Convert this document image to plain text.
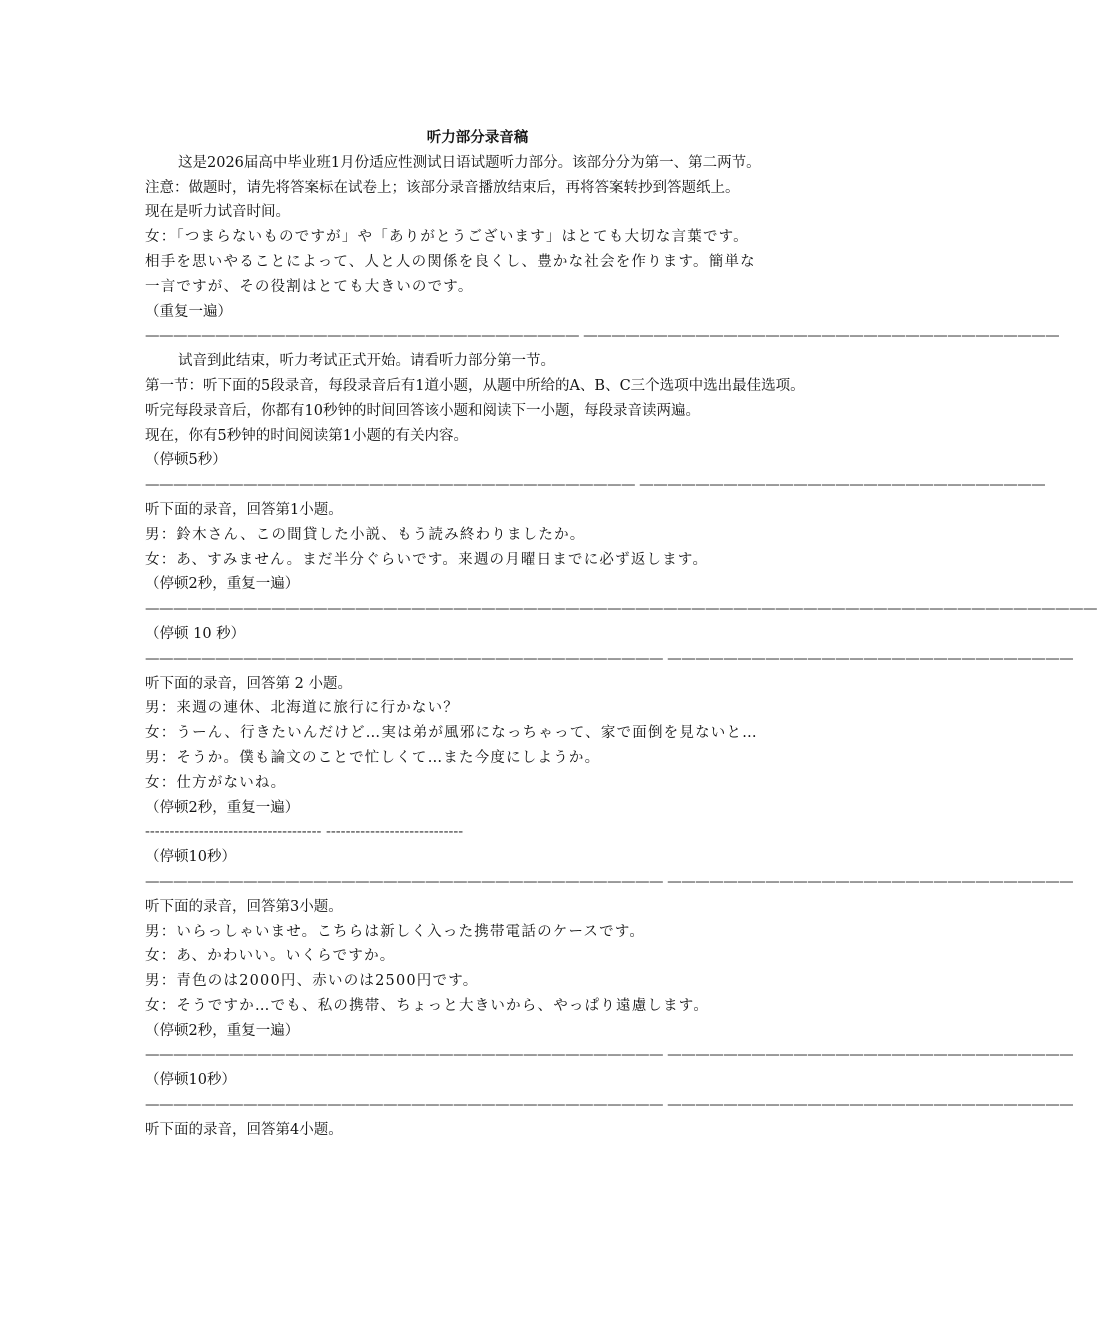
听力部分录音稿
这是2026届高中毕业班1月份适应性测试日语试题听力部分。该部分分为第一、第二两节。
注意：做题时，请先将答案标在试卷上；该部分录音播放结束后，再将答案转抄到答题纸上。
现在是听力试音时间。
女：「つまらないものですが」や「ありがとうございます」はとても大切な言葉です。
相手を思いやることによって、人と人の関係を良くし、豊かな社会を作ります。簡単な
一言ですが、その役割はとても大きいのです。
（重复一遍）
——————————————————————————————— ——————————————————————————————————
试音到此结束，听力考试正式开始。请看听力部分第一节。
第一节：听下面的5段录音，每段录音后有1道小题，从题中所给的A、B、C三个选项中选出最佳选项。听完每段录音后，你都有10秒钟的时间回答该小题和阅读下一小题，每段录音读两遍。
现在，你有5秒钟的时间阅读第1小题的有关内容。
（停顿5秒）
——————————————————————————————————— —————————————————————————————
听下面的录音，回答第1小题。
男：鈴木さん、この間貸した小説、もう読み終わりましたか。
女：あ、すみません。まだ半分ぐらいです。来週の月曜日までに必ず返します。
（停顿2秒，重复一遍）
————————————————————————————————————————————————————————————————————
（停顿 10 秒）
————————————————————————————————————— —————————————————————————————
听下面的录音，回答第 2 小题。
男：来週の連休、北海道に旅行に行かない？
女：うーん、行きたいんだけど…実は弟が風邪になっちゃって、家で面倒を見ないと…
男：そうか。僕も論文のことで忙しくて…また今度にしようか。
女：仕方がないね。
（停顿2秒，重复一遍）
------------------------------------ ----------------------------
（停顿10秒）
————————————————————————————————————— —————————————————————————————
听下面的录音，回答第3小题。
男：いらっしゃいませ。こちらは新しく入った携帯電話のケースです。
女：あ、かわいい。いくらですか。
男：青色のは2000円、赤いのは2500円です。
女：そうですか…でも、私の携帯、ちょっと大きいから、やっぱり遠慮します。
（停顿2秒，重复一遍）
————————————————————————————————————— —————————————————————————————
（停顿10秒）
————————————————————————————————————— —————————————————————————————
听下面的录音，回答第4小题。
